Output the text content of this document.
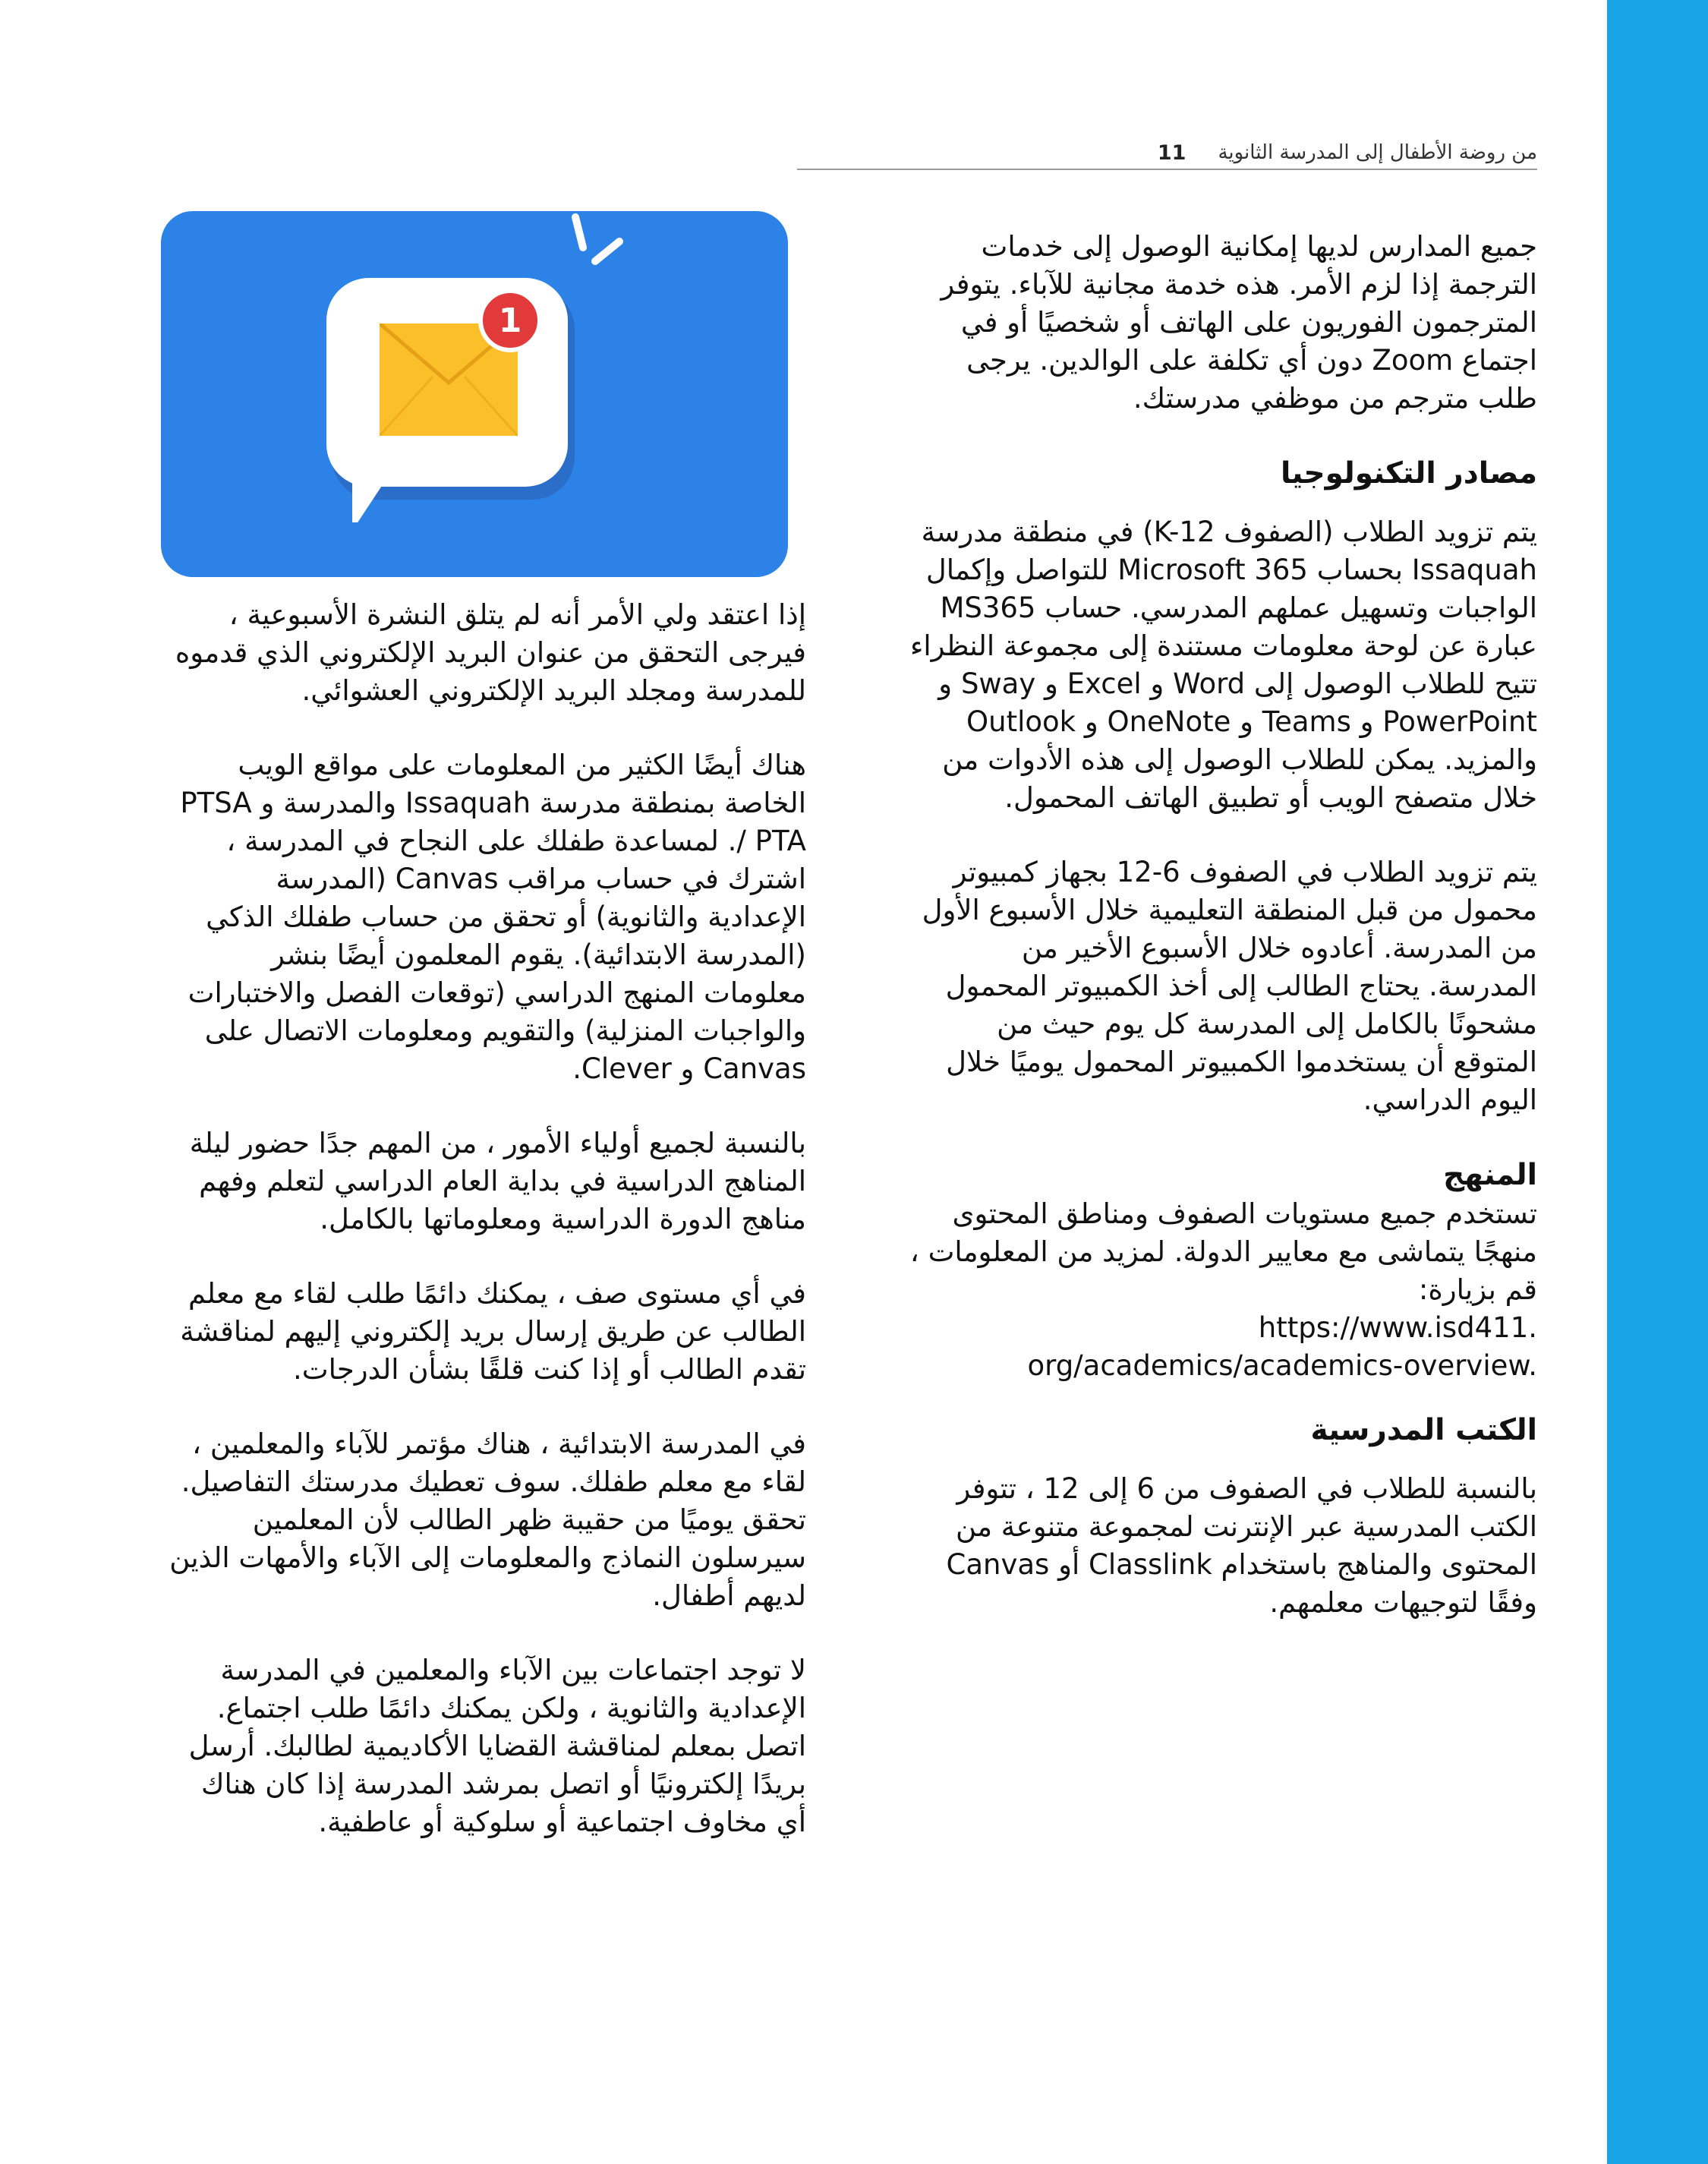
من روضة الأطفال إلى المدرسة الثانوية
11
1

جميع المدارس لديها إمكانية الوصول إلى خدمات الترجمة إذا لزم الأمر. هذه خدمة مجانية للآباء. يتوفر المترجمون الفوريون على الهاتف أو شخصيًا أو في اجتماع Zoom دون أي تكلفة على الوالدين. يرجى طلب مترجم من موظفي مدرستك.

مصادر التكنولوجيا

يتم تزويد الطلاب (الصفوف K-12) في منطقة مدرسة Issaquah بحساب Microsoft 365 للتواصل وإكمال الواجبات وتسهيل عملهم المدرسي. حساب MS365 عبارة عن لوحة معلومات مستندة إلى مجموعة النظراء تتيح للطلاب الوصول إلى Word و Excel و Sway و PowerPoint و Teams و OneNote و Outlook والمزيد. يمكن للطلاب الوصول إلى هذه الأدوات من خلال متصفح الويب أو تطبيق الهاتف المحمول.

يتم تزويد الطلاب في الصفوف 6-12 بجهاز كمبيوتر محمول من قبل المنطقة التعليمية خلال الأسبوع الأول من المدرسة. أعادوه خلال الأسبوع الأخير من المدرسة. يحتاج الطالب إلى أخذ الكمبيوتر المحمول مشحونًا بالكامل إلى المدرسة كل يوم حيث من المتوقع أن يستخدموا الكمبيوتر المحمول يوميًا خلال اليوم الدراسي.

المنهج

تستخدم جميع مستويات الصفوف ومناطق المحتوى منهجًا يتماشى مع معايير الدولة. لمزيد من المعلومات ، قم بزيارة:
https://www.isd411.
org/academics/academics-overview.

الكتب المدرسية

بالنسبة للطلاب في الصفوف من 6 إلى 12 ، تتوفر الكتب المدرسية عبر الإنترنت لمجموعة متنوعة من المحتوى والمناهج باستخدام Classlink أو Canvas وفقًا لتوجيهات معلمهم.

إذا اعتقد ولي الأمر أنه لم يتلق النشرة الأسبوعية ، فيرجى التحقق من عنوان البريد الإلكتروني الذي قدموه للمدرسة ومجلد البريد الإلكتروني العشوائي.

هناك أيضًا الكثير من المعلومات على مواقع الويب الخاصة بمنطقة مدرسة Issaquah والمدرسة و PTSA / PTA. لمساعدة طفلك على النجاح في المدرسة ، اشترك في حساب مراقب Canvas (المدرسة الإعدادية والثانوية) أو تحقق من حساب طفلك الذكي (المدرسة الابتدائية). يقوم المعلمون أيضًا بنشر معلومات المنهج الدراسي (توقعات الفصل والاختبارات والواجبات المنزلية) والتقويم ومعلومات الاتصال على Canvas و Clever.

بالنسبة لجميع أولياء الأمور ، من المهم جدًا حضور ليلة المناهج الدراسية في بداية العام الدراسي لتعلم وفهم مناهج الدورة الدراسية ومعلوماتها بالكامل.

في أي مستوى صف ، يمكنك دائمًا طلب لقاء مع معلم الطالب عن طريق إرسال بريد إلكتروني إليهم لمناقشة تقدم الطالب أو إذا كنت قلقًا بشأن الدرجات.

في المدرسة الابتدائية ، هناك مؤتمر للآباء والمعلمين ، لقاء مع معلم طفلك. سوف تعطيك مدرستك التفاصيل. تحقق يوميًا من حقيبة ظهر الطالب لأن المعلمين سيرسلون النماذج والمعلومات إلى الآباء والأمهات الذين لديهم أطفال.

لا توجد اجتماعات بين الآباء والمعلمين في المدرسة الإعدادية والثانوية ، ولكن يمكنك دائمًا طلب اجتماع. اتصل بمعلم لمناقشة القضايا الأكاديمية لطالبك. أرسل بريدًا إلكترونيًا أو اتصل بمرشد المدرسة إذا كان هناك أي مخاوف اجتماعية أو سلوكية أو عاطفية.
